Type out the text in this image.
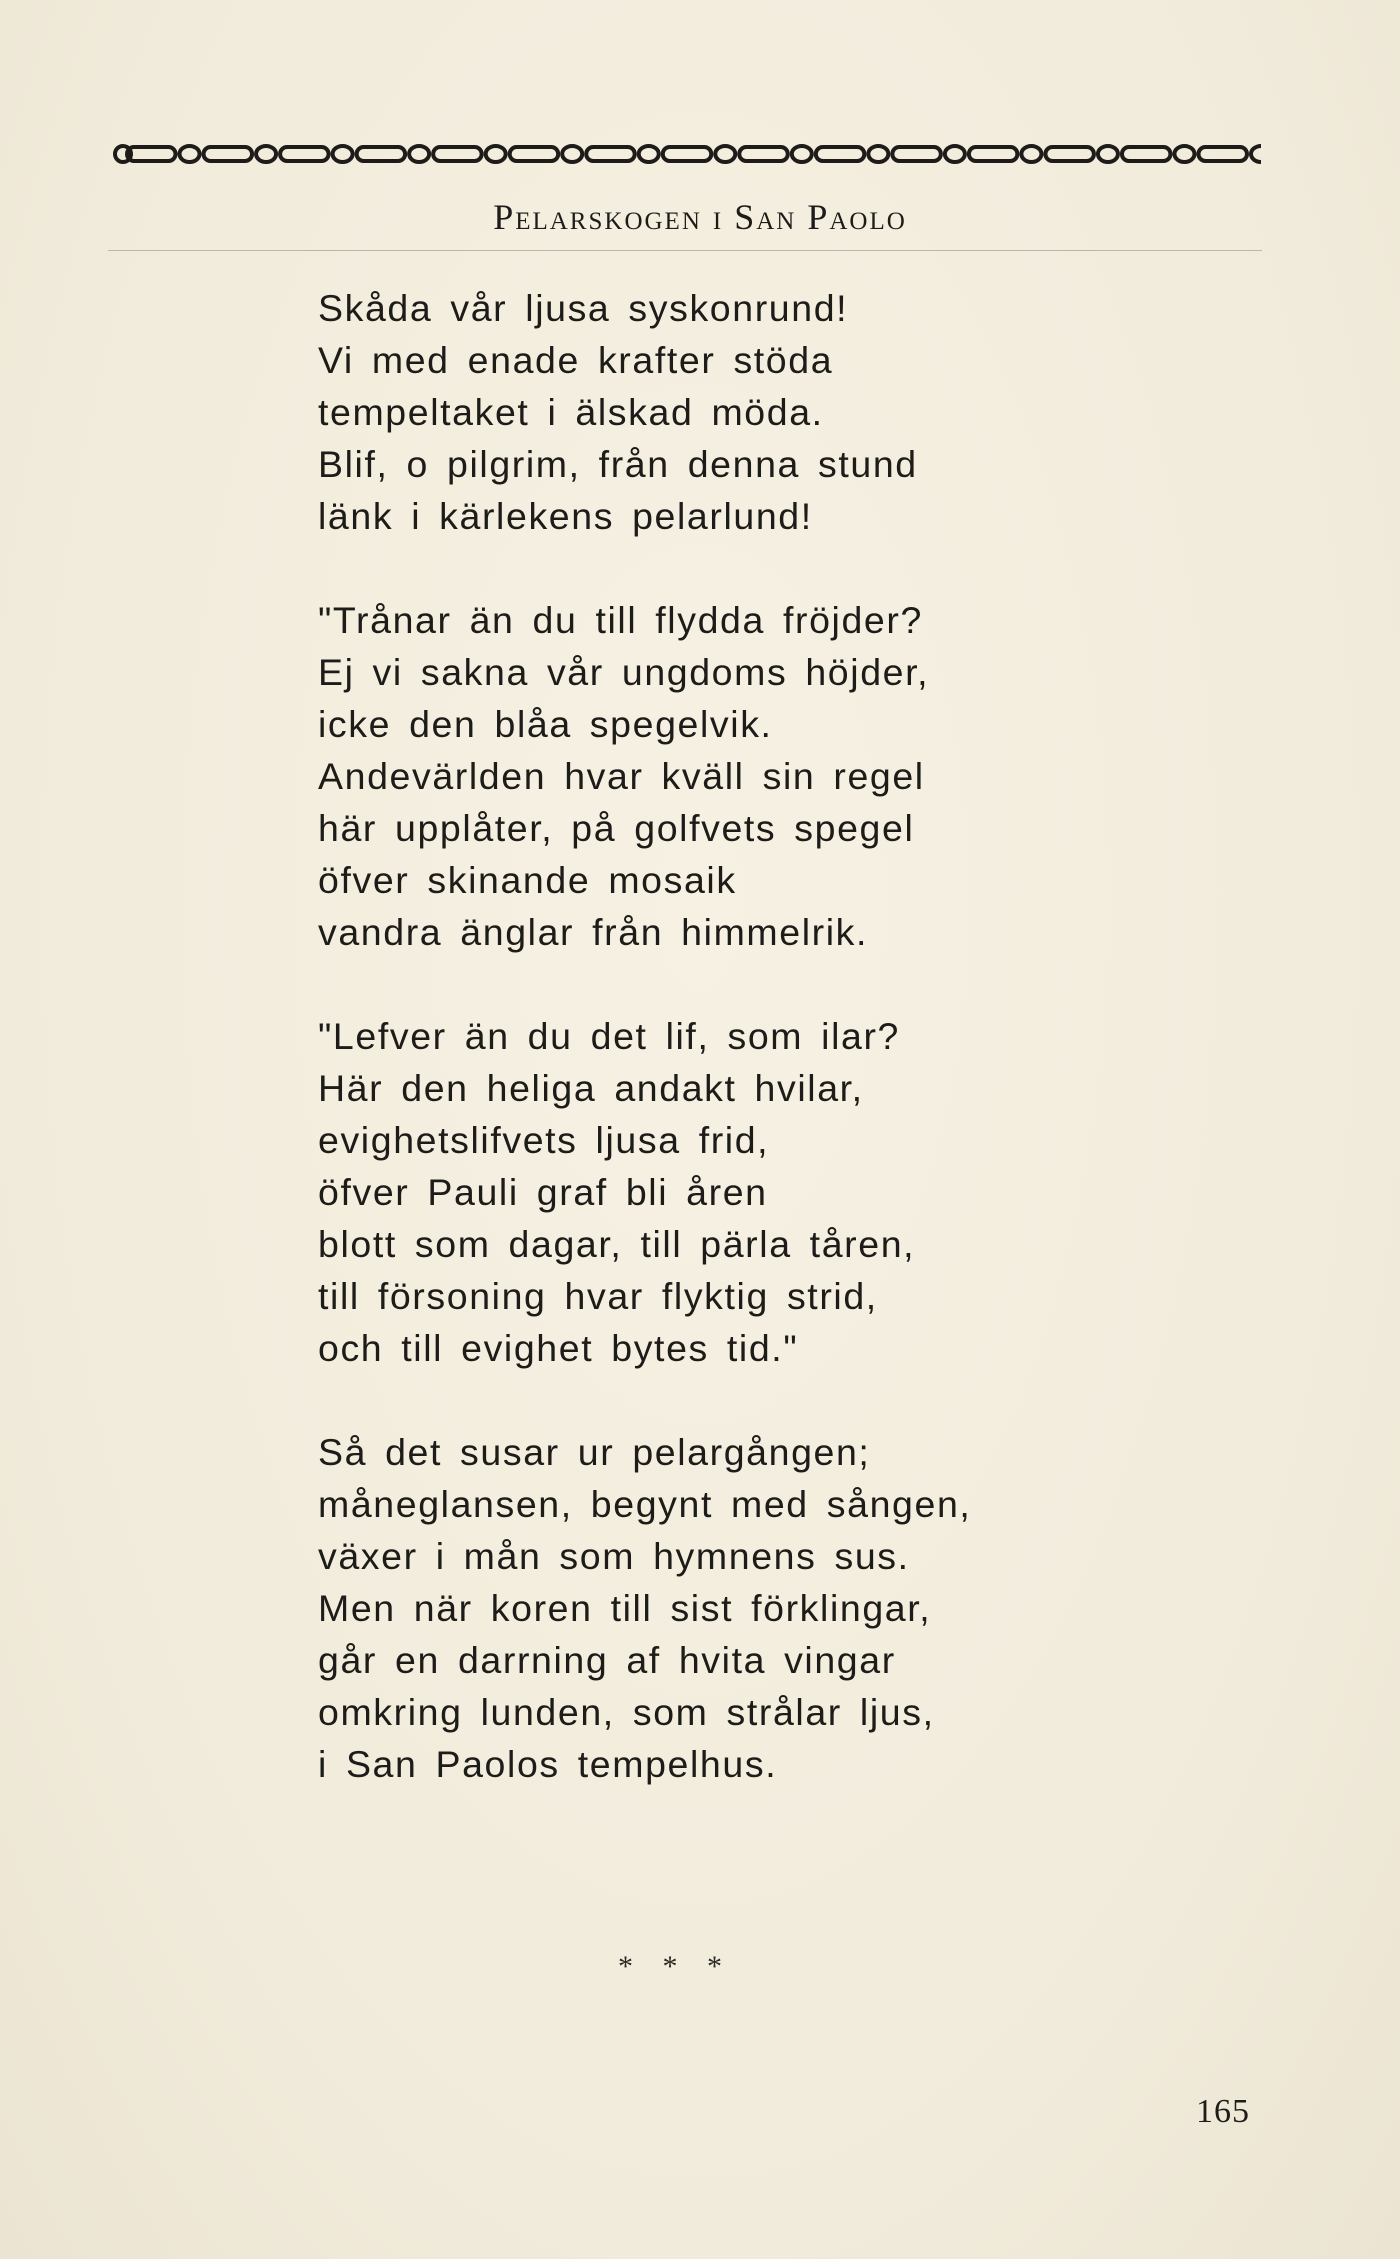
Pelarskogen i San Paolo
Skåda vår ljusa syskonrund!
Vi med enade krafter stöda
tempeltaket i älskad möda.
Blif, o pilgrim, från denna stund
länk i kärlekens pelarlund!
"Trånar än du till flydda fröjder?
Ej vi sakna vår ungdoms höjder,
icke den blåa spegelvik.
Andevärlden hvar kväll sin regel
här upplåter, på golfvets spegel
öfver skinande mosaik
vandra änglar från himmelrik.
"Lefver än du det lif, som ilar?
Här den heliga andakt hvilar,
evighetslifvets ljusa frid,
öfver Pauli graf bli åren
blott som dagar, till pärla tåren,
till försoning hvar flyktig strid,
och till evighet bytes tid."
Så det susar ur pelargången;
måneglansen, begynt med sången,
växer i mån som hymnens sus.
Men när koren till sist förklingar,
går en darrning af hvita vingar
omkring lunden, som strålar ljus,
i San Paolos tempelhus.
* * *
165
